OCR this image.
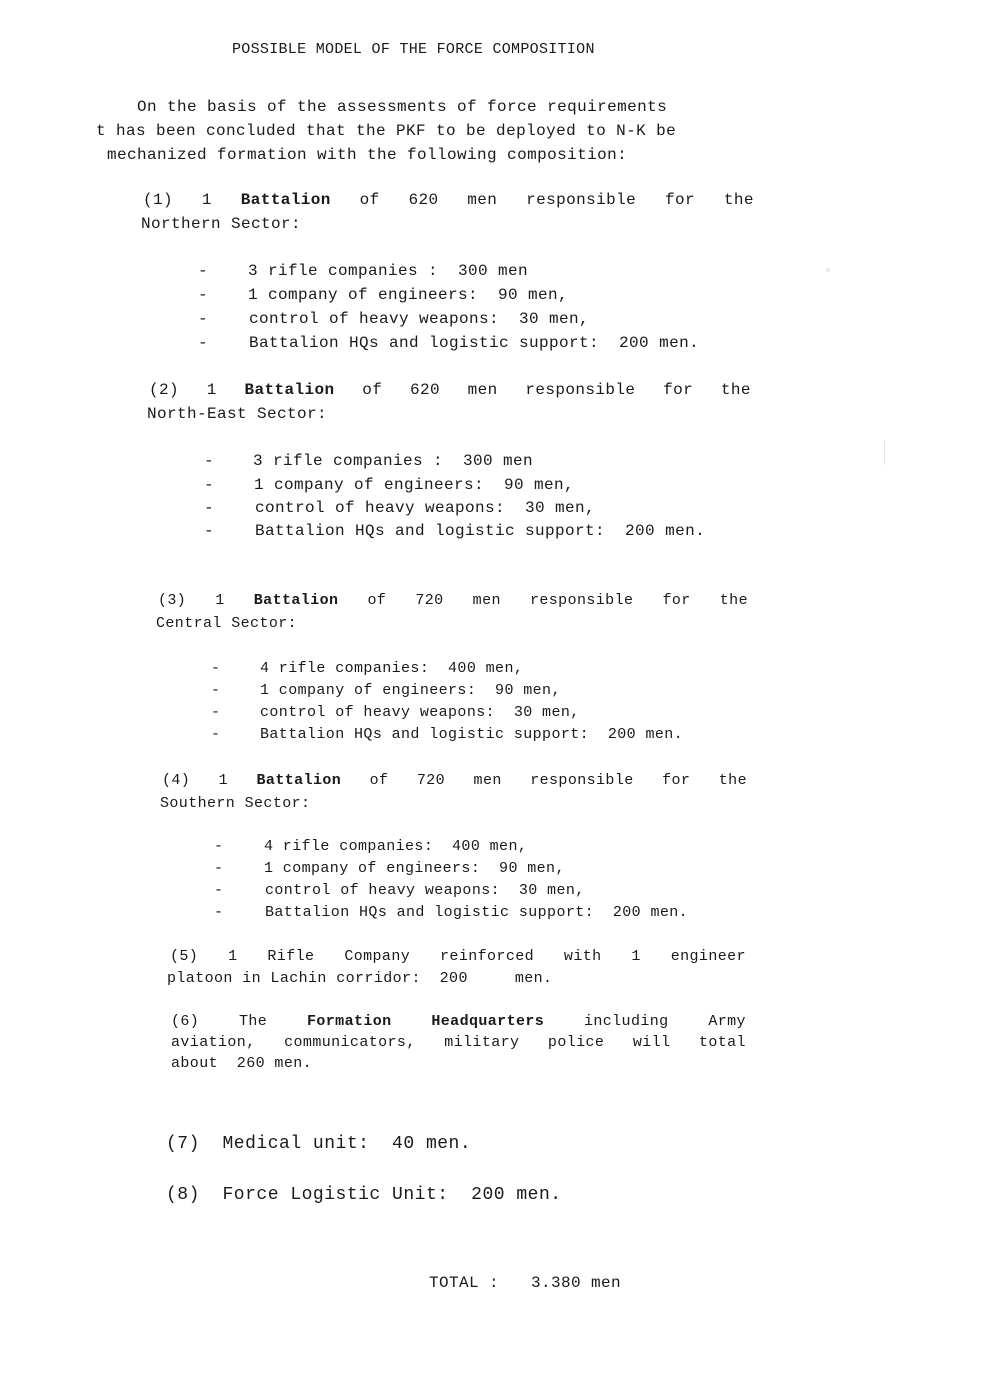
POSSIBLE MODEL OF THE FORCE COMPOSITION
On the basis of the assessments of force requirements
t has been concluded that the PKF to be deployed to N-K be
mechanized formation with the following composition:
(1) 1 Battalion of 620 men responsible for the
Northern Sector:
- 3 rifle companies :  300 men
- 1 company of engineers:  90 men,
-	control of heavy weapons:  30 men,
-	Battalion HQs and logistic support:  200 men.
(2) 1 Battalion of 620 men responsible for the
North-East Sector:
- 3 rifle companies :  300 men
- 1 company of engineers:  90 men,
-	control of heavy weapons:  30 men,
-	Battalion HQs and logistic support:  200 men.
(3) 1 Battalion of 720 men responsible for the
Central Sector:
-	4 rifle companies:  400 men,
-	1 company of engineers:  90 men,
-	control of heavy weapons:  30 men,
-	Battalion HQs and logistic support:  200 men.
(4) 1 Battalion of 720 men responsible for the
Southern Sector:
-	4 rifle companies:  400 men,
-	1 company of engineers:  90 men,
-	control of heavy weapons:  30 men,
-	Battalion HQs and logistic support:  200 men.
(5) 1 Rifle Company reinforced with 1 engineer
platoon in Lachin corridor:  200     men.
(6)	The	Formation	Headquarters	including	Army
aviation, communicators, military police will total
about  260 men.
(7)  Medical unit:  40 men.
(8)  Force Logistic Unit:  200 men.
TOTAL : 3.380 men
